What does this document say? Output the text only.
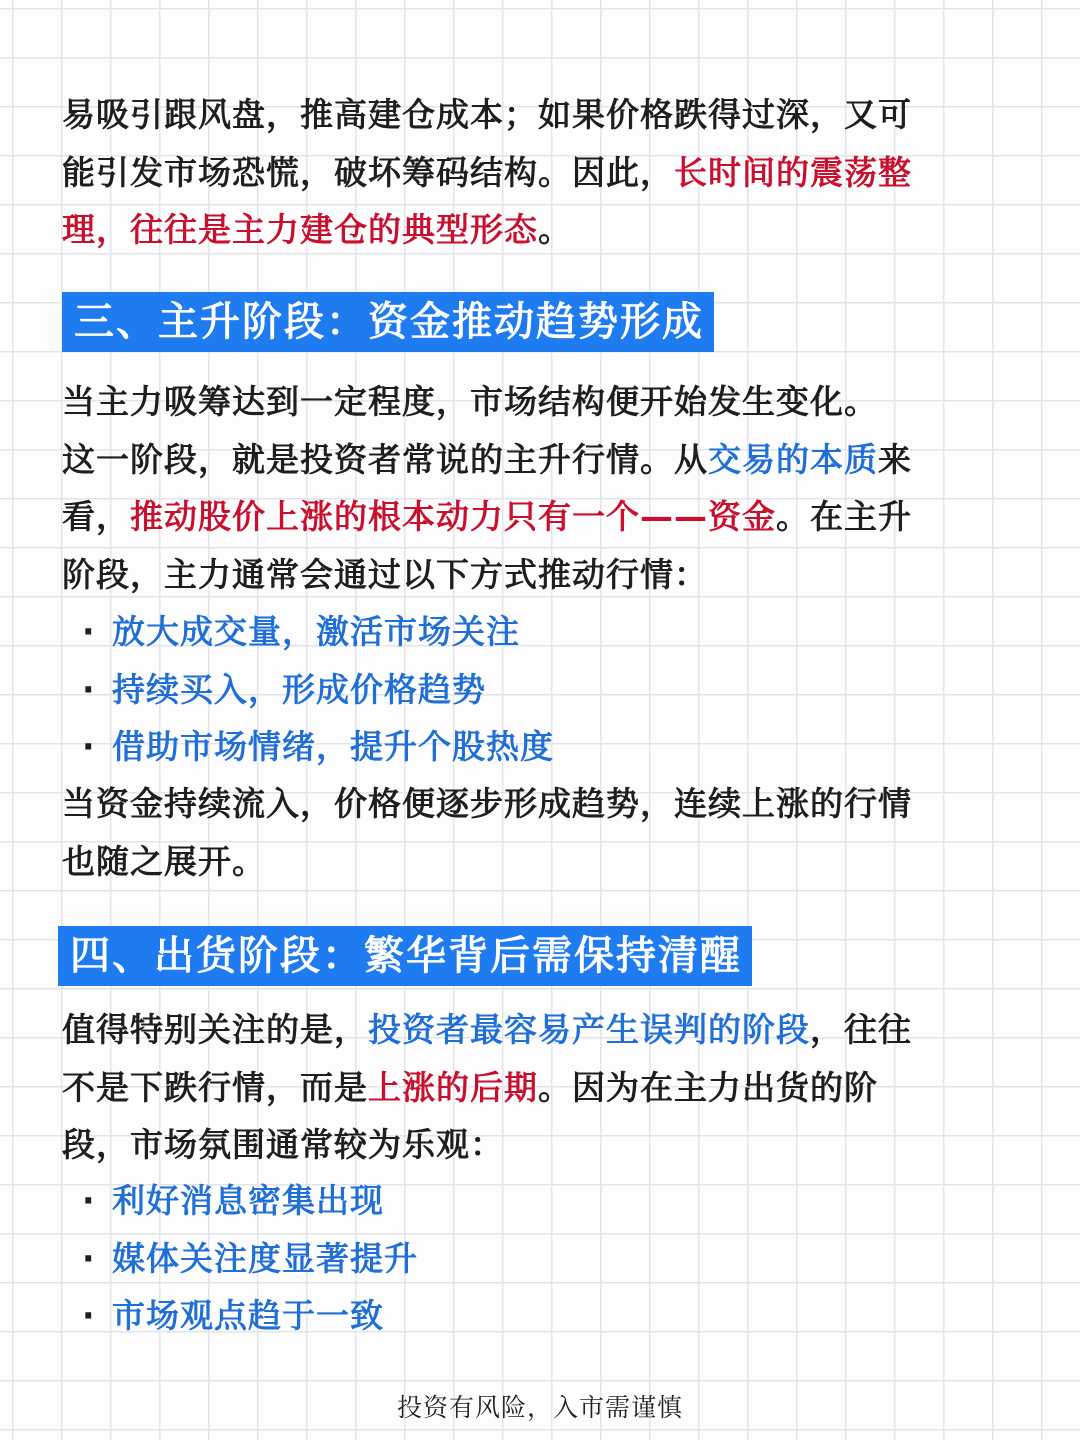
易吸引跟风盘，推高建仓成本；如果价格跌得过深，又可
能引发市场恐慌，破坏筹码结构。因此，长时间的震荡整
理，往往是主力建仓的典型形态。

三、主升阶段：资金推动趋势形成

当主力吸筹达到一定程度，市场结构便开始发生变化。
这一阶段，就是投资者常说的主升行情。从交易的本质来
看，推动股价上涨的根本动力只有一个——资金。在主升
阶段，主力通常会通过以下方式推动行情：

· 放大成交量，激活市场关注
· 持续买入，形成价格趋势
· 借助市场情绪，提升个股热度

当资金持续流入，价格便逐步形成趋势，连续上涨的行情
也随之展开。

四、出货阶段：繁华背后需保持清醒

值得特别关注的是，投资者最容易产生误判的阶段，往往
不是下跌行情，而是上涨的后期。因为在主力出货的阶
段，市场氛围通常较为乐观：

· 利好消息密集出现
· 媒体关注度显著提升
· 市场观点趋于一致
投资有风险，入市需谨慎
